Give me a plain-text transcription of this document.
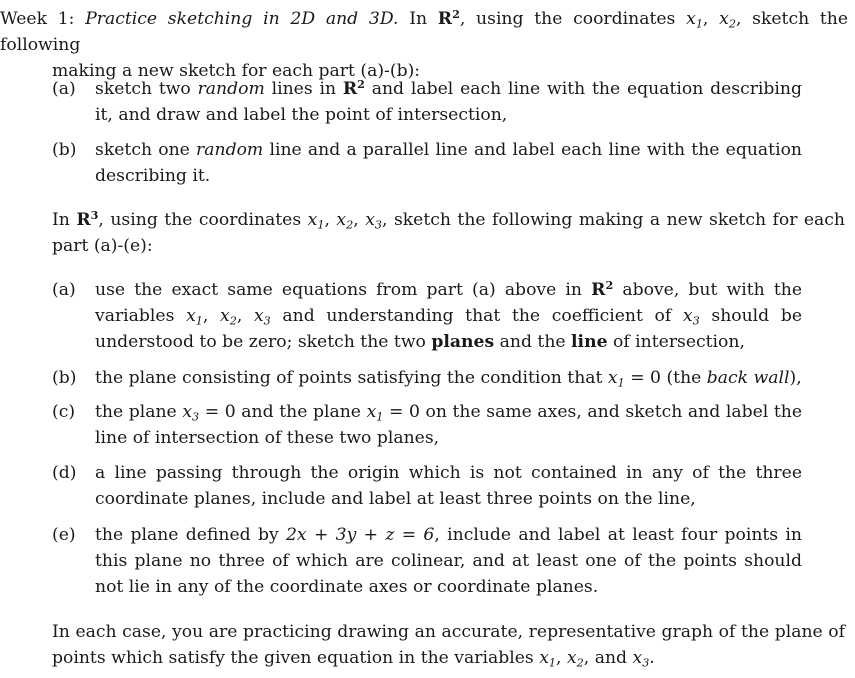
Week 1: Practice sketching in 2D and 3D. In $R^2$, using the coordinates $x_1$, $x_2$, sketch the following
making a new sketch for each part (a)-(b):
(a)	sketch two random lines in $R^2$ and label each line with the equation describing it, and draw and label the point of intersection,
(b)	sketch one random line and a parallel line and label each line with the equation describing it.
In $R^3$, using the coordinates $x_1$, $x_2$, $x_3$, sketch the following making a new sketch for each part (a)-(e):
(a)	use the exact same equations from part (a) above in $R^2$ above, but with the variables $x_1$, $x_2$, $x_3$ and understanding that the coefficient of $x_3$ should be understood to be zero; sketch the two planes and the line of intersection,
(b)	the plane consisting of points satisfying the condition that $x_1 = 0$ (the back wall),
(c)	the plane $x_3 = 0$ and the plane $x_1 = 0$ on the same axes, and sketch and label the line of intersection of these two planes,
(d)	a line passing through the origin which is not contained in any of the three coordinate planes, include and label at least three points on the line,
(e)	the plane defined by 2x + 3y + z = 6, include and label at least four points in this plane no three of which are colinear, and at least one of the points should not lie in any of the coordinate axes or coordinate planes.
In each case, you are practicing drawing an accurate, representative graph of the plane of points which satisfy the given equation in the variables $x_1$, $x_2$, and $x_3$.
